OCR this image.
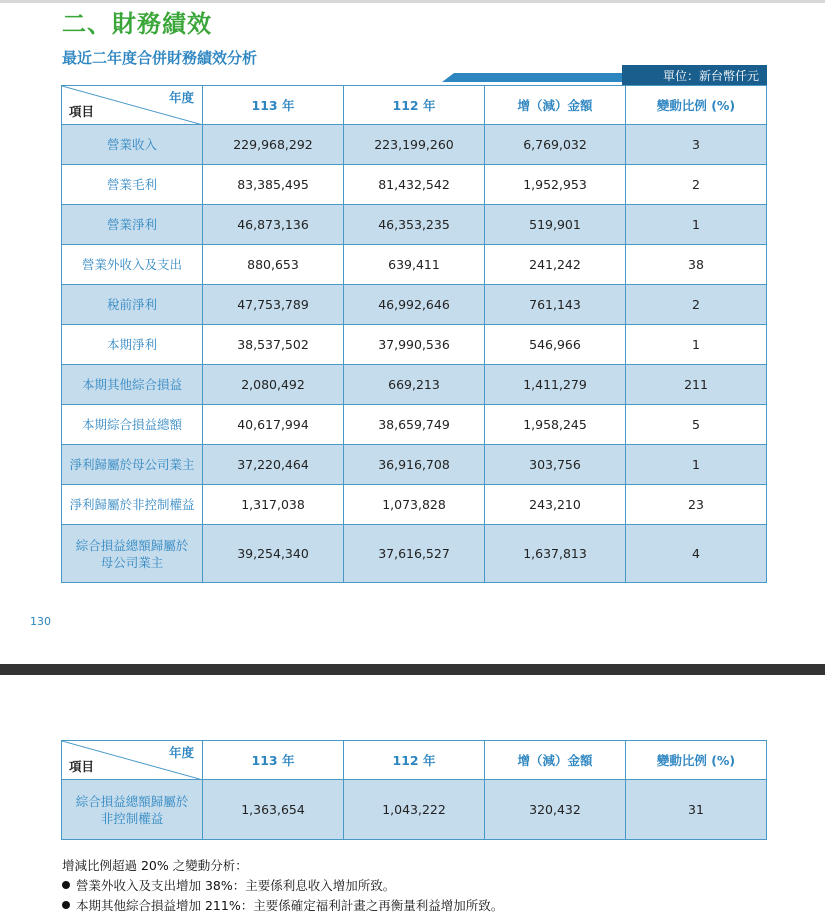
二、財務績效
最近二年度合併財務績效分析
單位：新台幣仟元
年度
項目	113 年	112 年	增（減）金額	變動比例 (%)
營業收入	229,968,292	223,199,260	6,769,032	3
營業毛利	83,385,495	81,432,542	1,952,953	2
營業淨利	46,873,136	46,353,235	519,901	1
營業外收入及支出	880,653	639,411	241,242	38
稅前淨利	47,753,789	46,992,646	761,143	2
本期淨利	38,537,502	37,990,536	546,966	1
本期其他綜合損益	2,080,492	669,213	1,411,279	211
本期綜合損益總額	40,617,994	38,659,749	1,958,245	5
淨利歸屬於母公司業主	37,220,464	36,916,708	303,756	1
淨利歸屬於非控制權益	1,317,038	1,073,828	243,210	23

綜合損益總額歸屬於
母公司業主	39,254,340	37,616,527	1,637,813	4
130
年度
項目	113 年	112 年	增（減）金額	變動比例 (%)

綜合損益總額歸屬於
非控制權益	1,363,654	1,043,222	320,432	31
增減比例超過 20% 之變動分析：
營業外收入及支出增加 38%：主要係利息收入增加所致。
本期其他綜合損益增加 211%：主要係確定福利計畫之再衡量利益增加所致。
